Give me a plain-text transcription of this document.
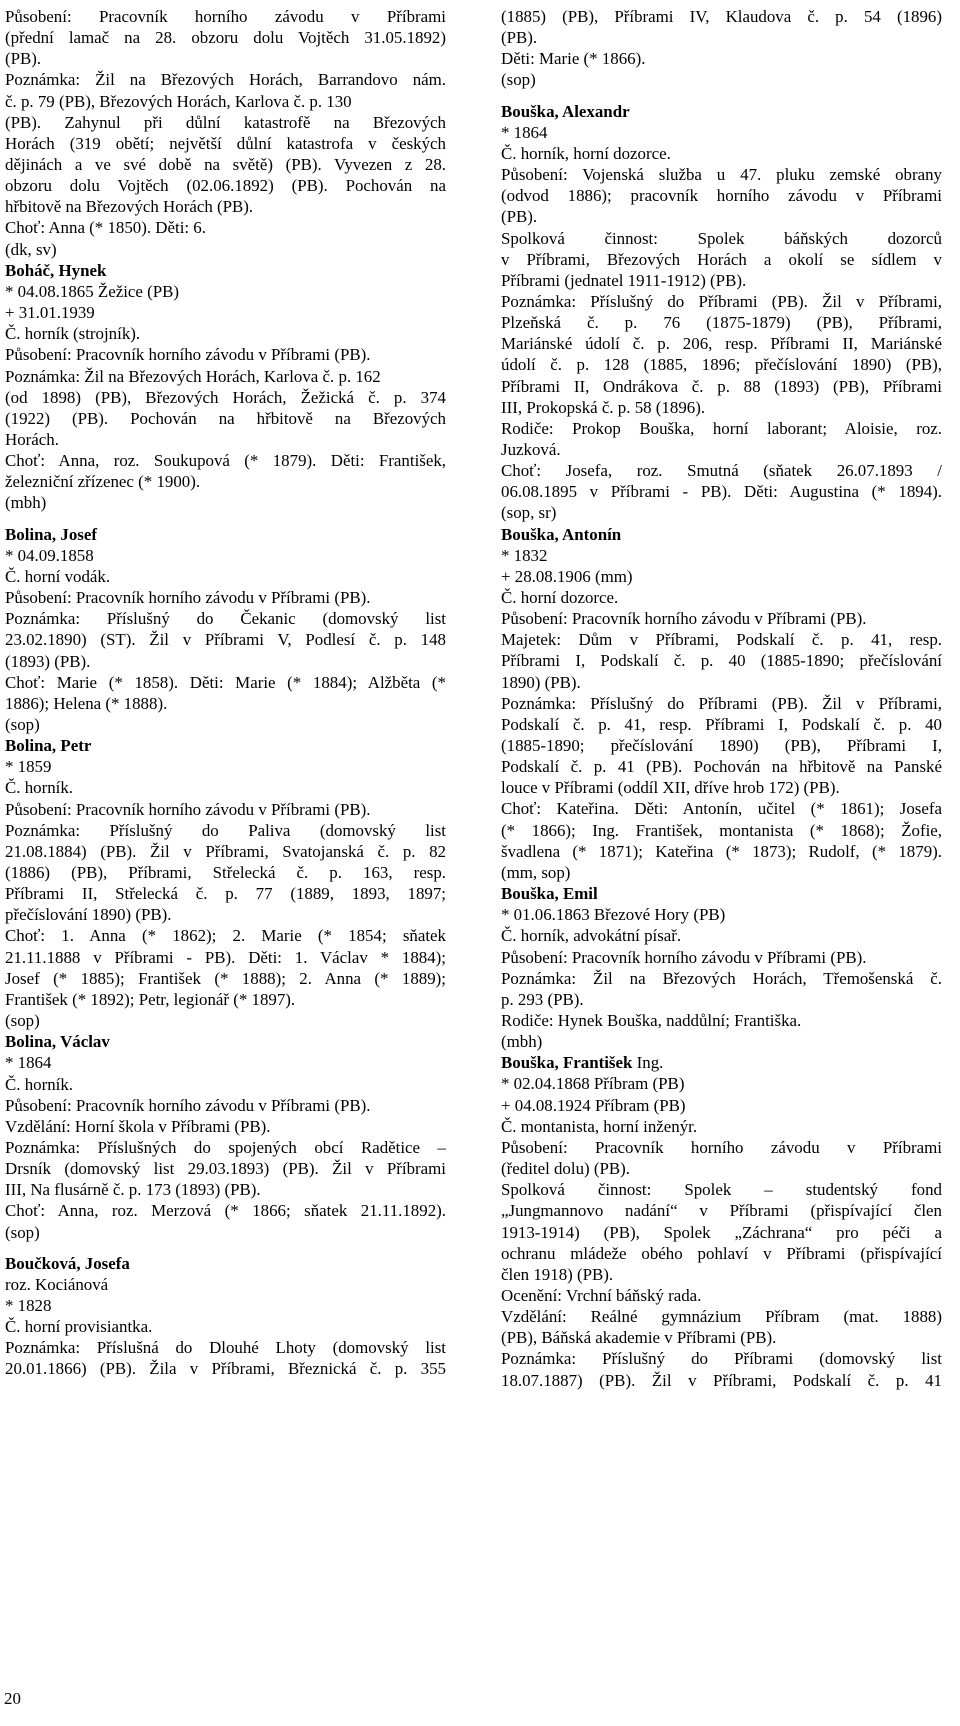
Působení: Pracovník horního závodu v Příbrami
(přední lamač na 28. obzoru dolu Vojtěch 31.05.1892)
(PB).
Poznámka: Žil na Březových Horách, Barrandovo nám.
č. p. 79 (PB), Březových Horách, Karlova č. p. 130
(PB). Zahynul při důlní katastrofě na Březových
Horách (319 obětí; největší důlní katastrofa v českých
dějinách a ve své době na světě) (PB). Vyvezen z 28.
obzoru dolu Vojtěch (02.06.1892) (PB). Pochován na
hřbitově na Březových Horách (PB).
Choť: Anna (* 1850). Děti: 6.
(dk, sv)
Boháč, Hynek
* 04.08.1865 Žežice (PB)
+ 31.01.1939
Č. horník (strojník).
Působení: Pracovník horního závodu v Příbrami (PB).
Poznámka: Žil na Březových Horách, Karlova č. p. 162
(od 1898) (PB), Březových Horách, Žežická č. p. 374
(1922) (PB). Pochován na hřbitově na Březových
Horách.
Choť: Anna, roz. Soukupová (* 1879). Děti: František,
železniční zřízenec (* 1900).
(mbh)
Bolina, Josef
* 04.09.1858
Č. horní vodák.
Působení: Pracovník horního závodu v Příbrami (PB).
Poznámka: Příslušný do Čekanic (domovský list
23.02.1890) (ST). Žil v Příbrami V, Podlesí č. p. 148
(1893) (PB).
Choť: Marie (* 1858). Děti: Marie (* 1884); Alžběta (*
1886); Helena (* 1888).
(sop)
Bolina, Petr
* 1859
Č. horník.
Působení: Pracovník horního závodu v Příbrami (PB).
Poznámka: Příslušný do Paliva (domovský list
21.08.1884) (PB). Žil v Příbrami, Svatojanská č. p. 82
(1886) (PB), Příbrami, Střelecká č. p. 163, resp.
Příbrami II, Střelecká č. p. 77 (1889, 1893, 1897;
přečíslování 1890) (PB).
Choť: 1. Anna (* 1862); 2. Marie (* 1854; sňatek
21.11.1888 v Příbrami - PB). Děti: 1. Václav * 1884);
Josef (* 1885); František (* 1888); 2. Anna (* 1889);
František (* 1892); Petr, legionář (* 1897).
(sop)
Bolina, Václav
* 1864
Č. horník.
Působení: Pracovník horního závodu v Příbrami (PB).
Vzdělání: Horní škola v Příbrami (PB).
Poznámka: Příslušných do spojených obcí Radětice –
Drsník (domovský list 29.03.1893) (PB). Žil v Příbrami
III, Na flusárně č. p. 173 (1893) (PB).
Choť: Anna, roz. Merzová (* 1866; sňatek 21.11.1892).
(sop)
Boučková, Josefa
roz. Kociánová
* 1828
Č. horní provisiantka.
Poznámka: Příslušná do Dlouhé Lhoty (domovský list
20.01.1866) (PB). Žila v Příbrami, Březnická č. p. 355
(1885) (PB), Příbrami IV, Klaudova č. p. 54 (1896)
(PB).
Děti: Marie (* 1866).
(sop)
Bouška, Alexandr
* 1864
Č. horník, horní dozorce.
Působení: Vojenská služba u 47. pluku zemské obrany
(odvod 1886); pracovník horního závodu v Příbrami
(PB).
Spolková činnost: Spolek báňských dozorců
v Příbrami, Březových Horách a okolí se sídlem v
Příbrami (jednatel 1911-1912) (PB).
Poznámka: Příslušný do Příbrami (PB). Žil v Příbrami,
Plzeňská č. p. 76 (1875-1879) (PB), Příbrami,
Mariánské údolí č. p. 206, resp. Příbrami II, Mariánské
údolí č. p. 128 (1885, 1896; přečíslování 1890) (PB),
Příbrami II, Ondrákova č. p. 88 (1893) (PB), Příbrami
III, Prokopská č. p. 58 (1896).
Rodiče: Prokop Bouška, horní laborant; Aloisie, roz.
Juzková.
Choť: Josefa, roz. Smutná (sňatek 26.07.1893 /
06.08.1895 v Příbrami - PB). Děti: Augustina (* 1894).
(sop, sr)
Bouška, Antonín
* 1832
+ 28.08.1906 (mm)
Č. horní dozorce.
Působení: Pracovník horního závodu v Příbrami (PB).
Majetek: Dům v Příbrami, Podskalí č. p. 41, resp.
Příbrami I, Podskalí č. p. 40 (1885-1890; přečíslování
1890) (PB).
Poznámka: Příslušný do Příbrami (PB). Žil v Příbrami,
Podskalí č. p. 41, resp. Příbrami I, Podskalí č. p. 40
(1885-1890; přečíslování 1890) (PB), Příbrami I,
Podskalí č. p. 41 (PB). Pochován na hřbitově na Panské
louce v Příbrami (oddíl XII, dříve hrob 172) (PB).
Choť: Kateřina. Děti: Antonín, učitel (* 1861); Josefa
(* 1866); Ing. František, montanista (* 1868); Žofie,
švadlena (* 1871); Kateřina (* 1873); Rudolf, (* 1879).
(mm, sop)
Bouška, Emil
* 01.06.1863 Březové Hory (PB)
Č. horník, advokátní písař.
Působení: Pracovník horního závodu v Příbrami (PB).
Poznámka: Žil na Březových Horách, Třemošenská č.
p. 293 (PB).
Rodiče: Hynek Bouška, naddůlní; Františka.
(mbh)
Bouška, František Ing.
* 02.04.1868 Příbram (PB)
+ 04.08.1924 Příbram (PB)
Č. montanista, horní inženýr.
Působení: Pracovník horního závodu v Příbrami
(ředitel dolu) (PB).
Spolková činnost: Spolek – studentský fond
„Jungmannovo nadání“ v Příbrami (přispívající člen
1913-1914) (PB), Spolek „Záchrana“ pro péči a
ochranu mládeže obého pohlaví v Příbrami (přispívající
člen 1918) (PB).
Ocenění: Vrchní báňský rada.
Vzdělání: Reálné gymnázium Příbram (mat. 1888)
(PB), Báňská akademie v Příbrami (PB).
Poznámka: Příslušný do Příbrami (domovský list
18.07.1887) (PB). Žil v Příbrami, Podskalí č. p. 41
20
